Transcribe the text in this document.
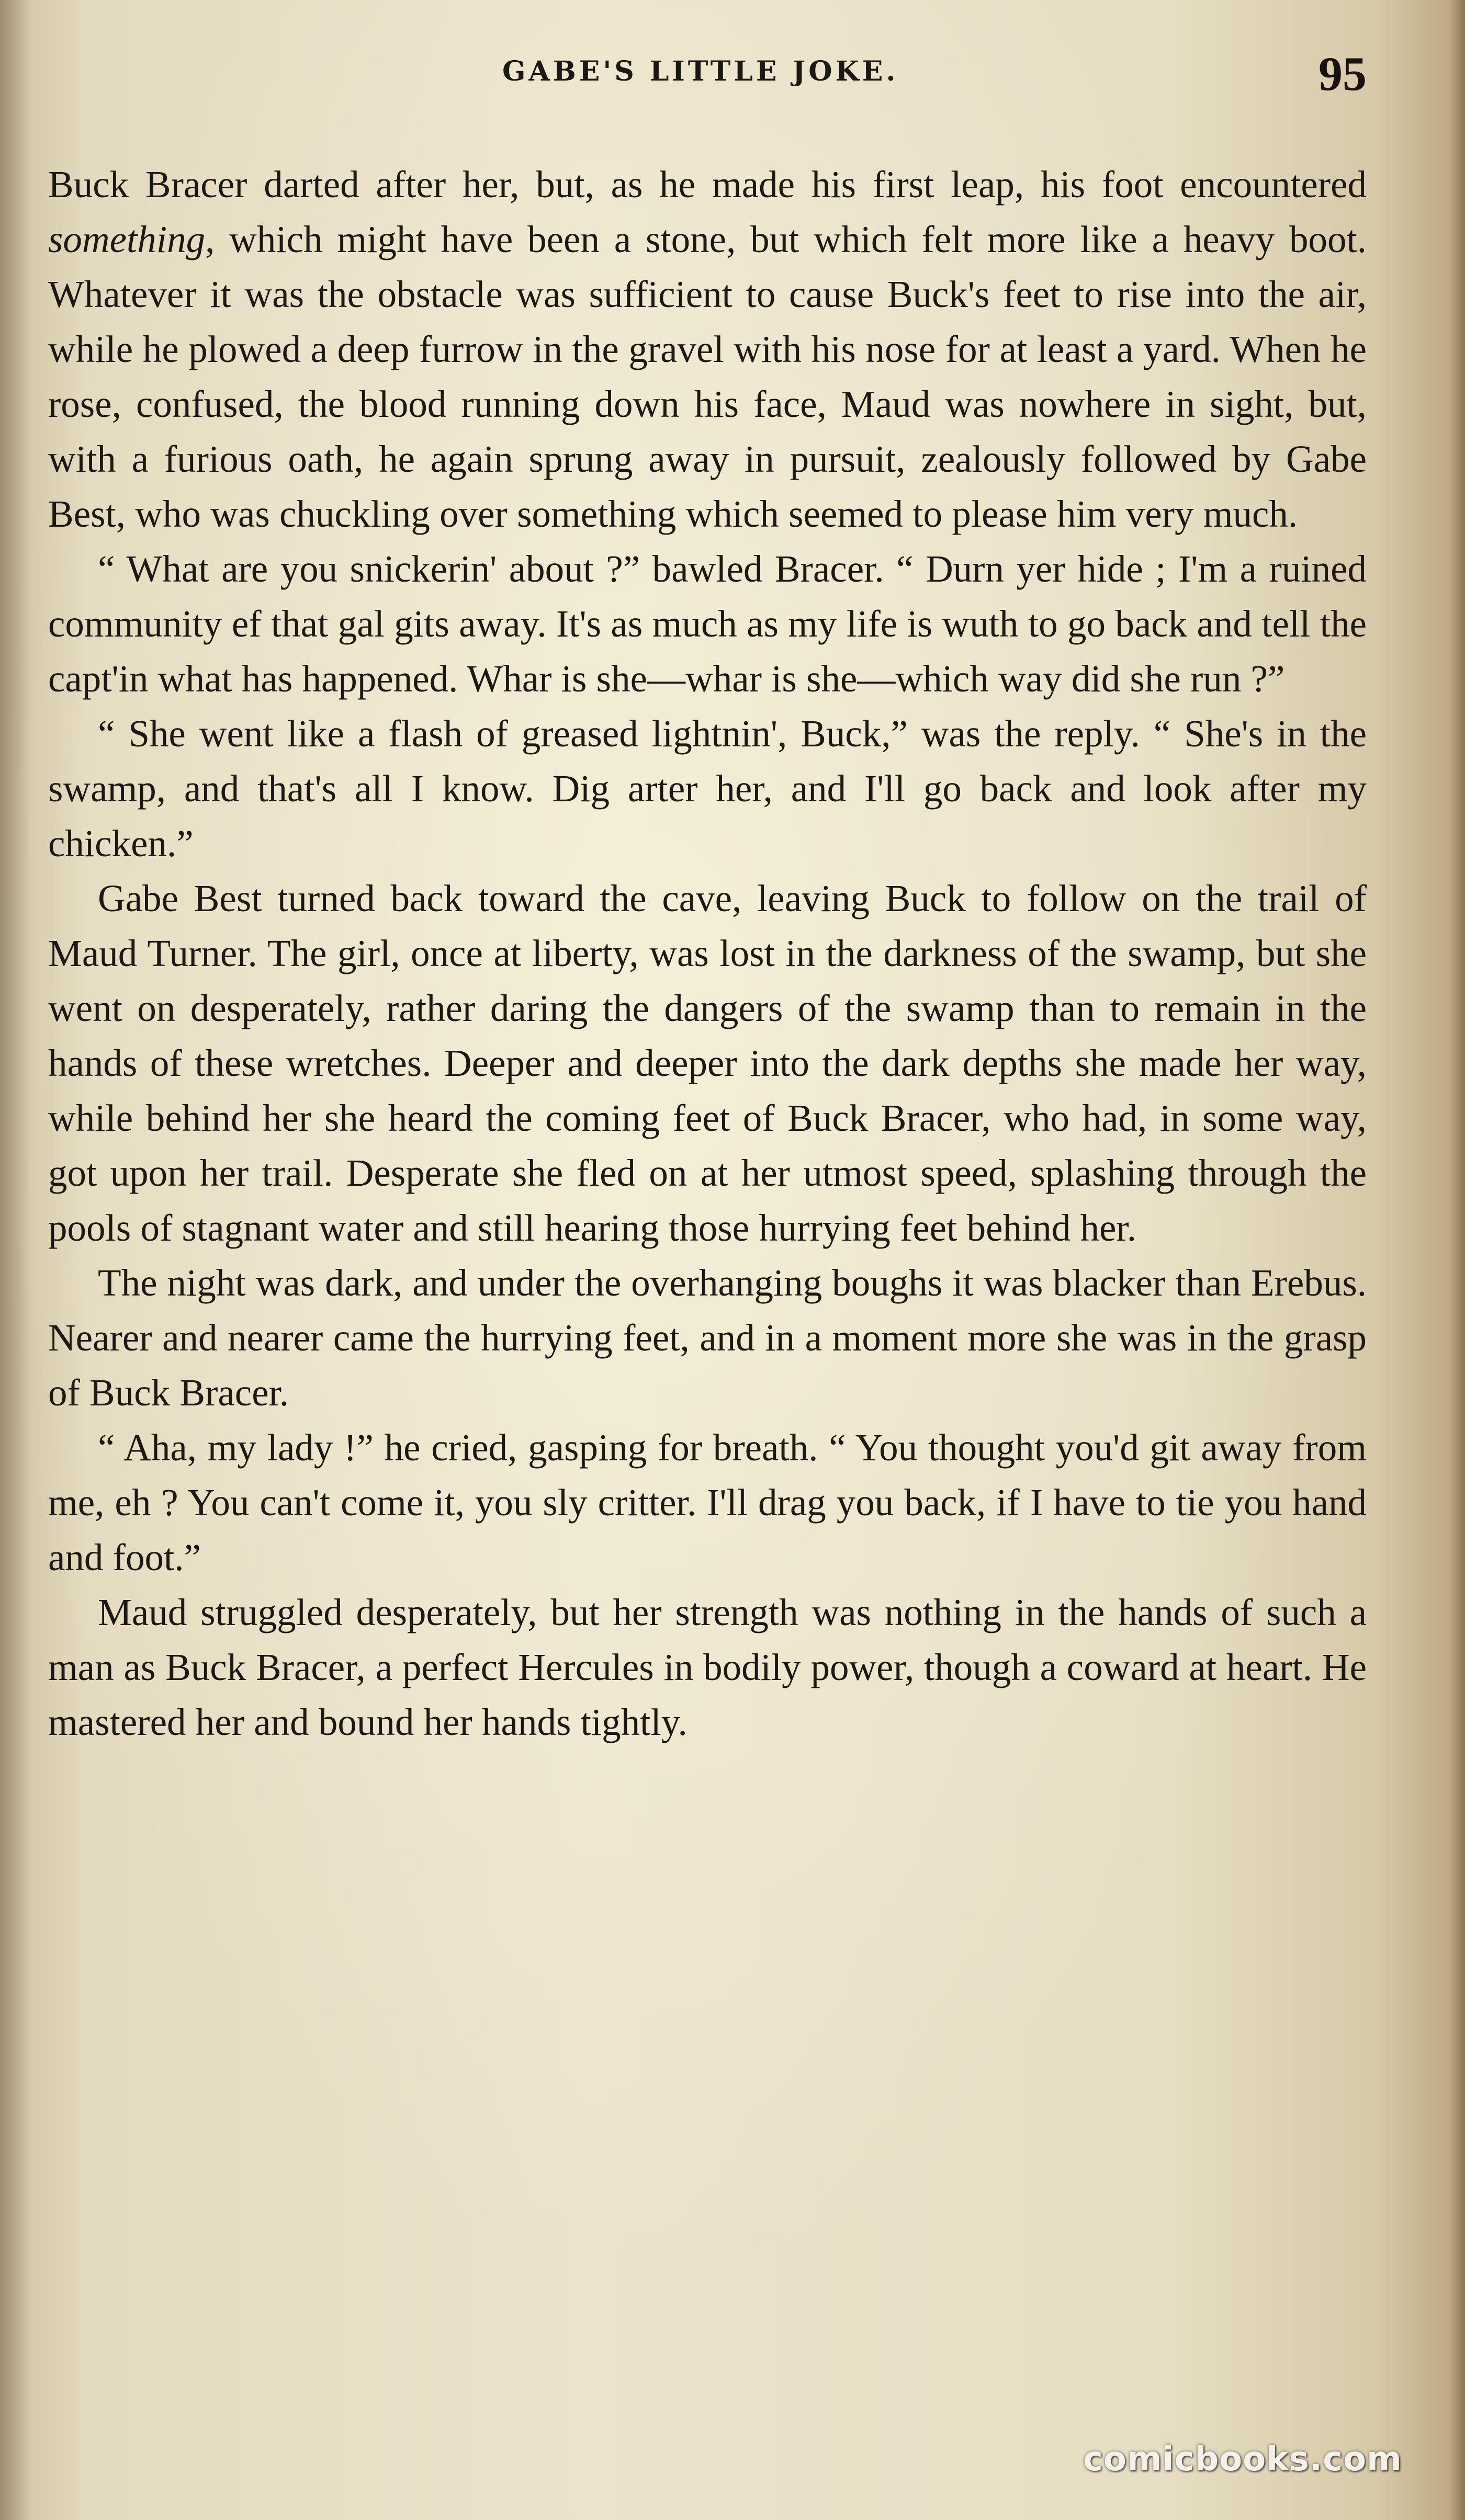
GABE'S LITTLE JOKE.	95

Buck Bracer darted after her, but, as he made his first leap, his foot encountered something, which might have been a stone, but which felt more like a heavy boot. Whatever it was the obstacle was sufficient to cause Buck's feet to rise into the air, while he plowed a deep furrow in the gravel with his nose for at least a yard. When he rose, confused, the blood running down his face, Maud was nowhere in sight, but, with a furious oath, he again sprung away in pursuit, zealously followed by Gabe Best, who was chuckling over something which seemed to please him very much.

“ What are you snickerin' about ?” bawled Bracer. “ Durn yer hide ; I'm a ruined community ef that gal gits away. It's as much as my life is wuth to go back and tell the capt'in what has happened. Whar is she—whar is she—which way did she run ?”

“ She went like a flash of greased lightnin', Buck,” was the reply. “ She's in the swamp, and that's all I know. Dig arter her, and I'll go back and look after my chicken.”

Gabe Best turned back toward the cave, leaving Buck to follow on the trail of Maud Turner. The girl, once at liberty, was lost in the darkness of the swamp, but she went on desperately, rather daring the dangers of the swamp than to remain in the hands of these wretches. Deeper and deeper into the dark depths she made her way, while behind her she heard the coming feet of Buck Bracer, who had, in some way, got upon her trail. Desperate she fled on at her utmost speed, splashing through the pools of stagnant water and still hearing those hurrying feet behind her.

The night was dark, and under the overhanging boughs it was blacker than Erebus. Nearer and nearer came the hurrying feet, and in a moment more she was in the grasp of Buck Bracer.

“ Aha, my lady !” he cried, gasping for breath. “ You thought you'd git away from me, eh ? You can't come it, you sly critter. I'll drag you back, if I have to tie you hand and foot.”

Maud struggled desperately, but her strength was nothing in the hands of such a man as Buck Bracer, a perfect Hercules in bodily power, though a coward at heart. He mastered her and bound her hands tightly.

comicbooks.com
